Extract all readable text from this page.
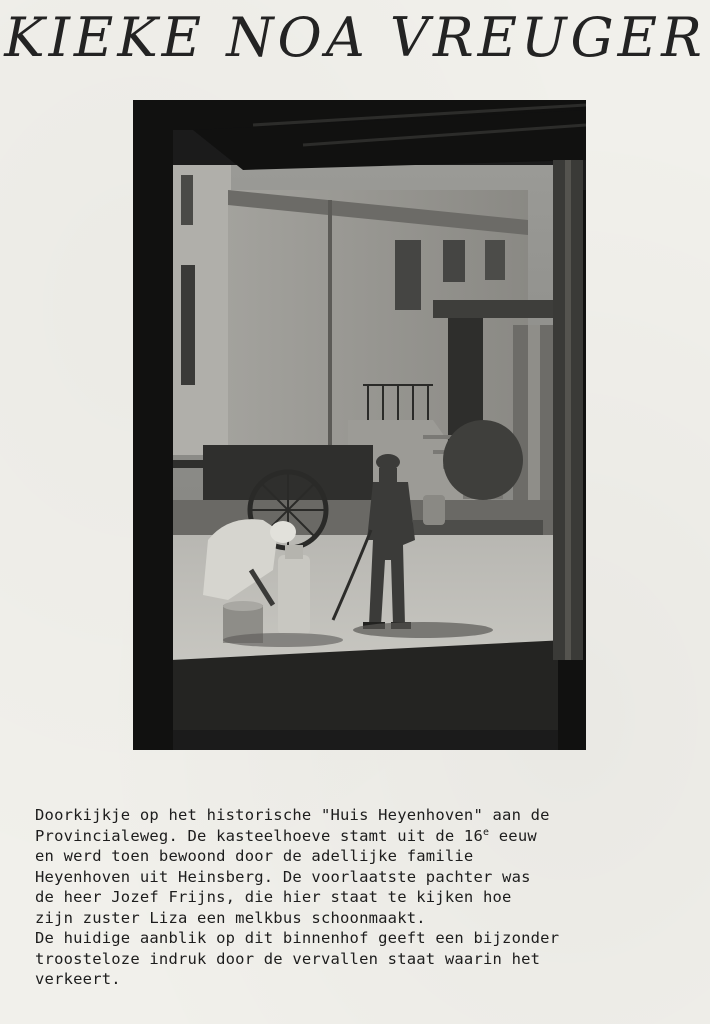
KIEKE NOA VREUGER
Doorkijkje op het historische "Huis Heyenhoven" aan de
Provincialeweg. De kasteelhoeve stamt uit de 16e eeuw
en werd toen bewoond door de adellijke familie
Heyenhoven uit Heinsberg. De voorlaatste pachter was
de heer Jozef Frijns, die hier staat te kijken hoe
zijn zuster Liza een melkbus schoonmaakt.
De huidige aanblik op dit binnenhof geeft een bijzonder
troosteloze indruk door de vervallen staat waarin het
verkeert.
